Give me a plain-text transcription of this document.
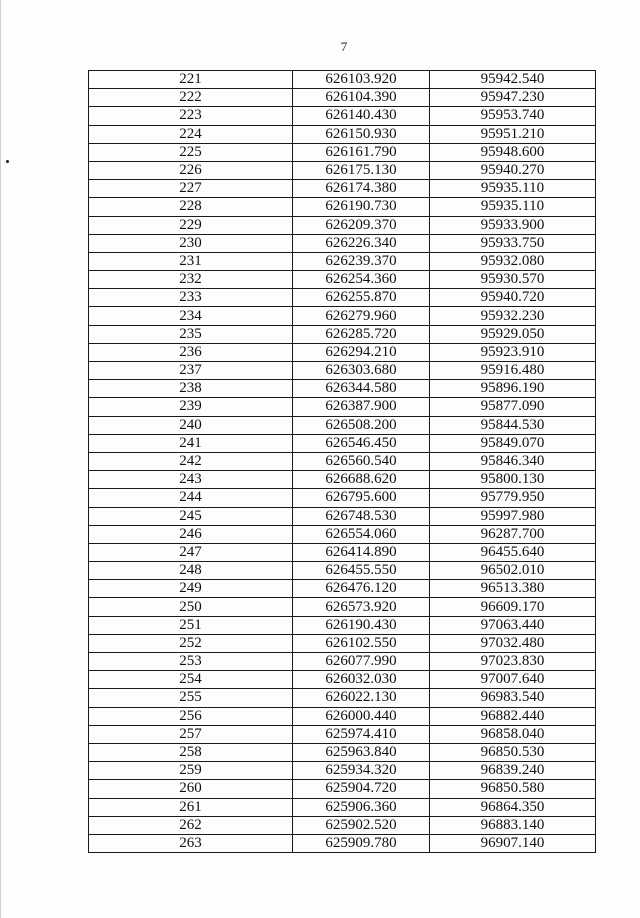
7
221	626103.920	95942.540
222	626104.390	95947.230
223	626140.430	95953.740
224	626150.930	95951.210
225	626161.790	95948.600
226	626175.130	95940.270
227	626174.380	95935.110
228	626190.730	95935.110
229	626209.370	95933.900
230	626226.340	95933.750
231	626239.370	95932.080
232	626254.360	95930.570
233	626255.870	95940.720
234	626279.960	95932.230
235	626285.720	95929.050
236	626294.210	95923.910
237	626303.680	95916.480
238	626344.580	95896.190
239	626387.900	95877.090
240	626508.200	95844.530
241	626546.450	95849.070
242	626560.540	95846.340
243	626688.620	95800.130
244	626795.600	95779.950
245	626748.530	95997.980
246	626554.060	96287.700
247	626414.890	96455.640
248	626455.550	96502.010
249	626476.120	96513.380
250	626573.920	96609.170
251	626190.430	97063.440
252	626102.550	97032.480
253	626077.990	97023.830
254	626032.030	97007.640
255	626022.130	96983.540
256	626000.440	96882.440
257	625974.410	96858.040
258	625963.840	96850.530
259	625934.320	96839.240
260	625904.720	96850.580
261	625906.360	96864.350
262	625902.520	96883.140
263	625909.780	96907.140
